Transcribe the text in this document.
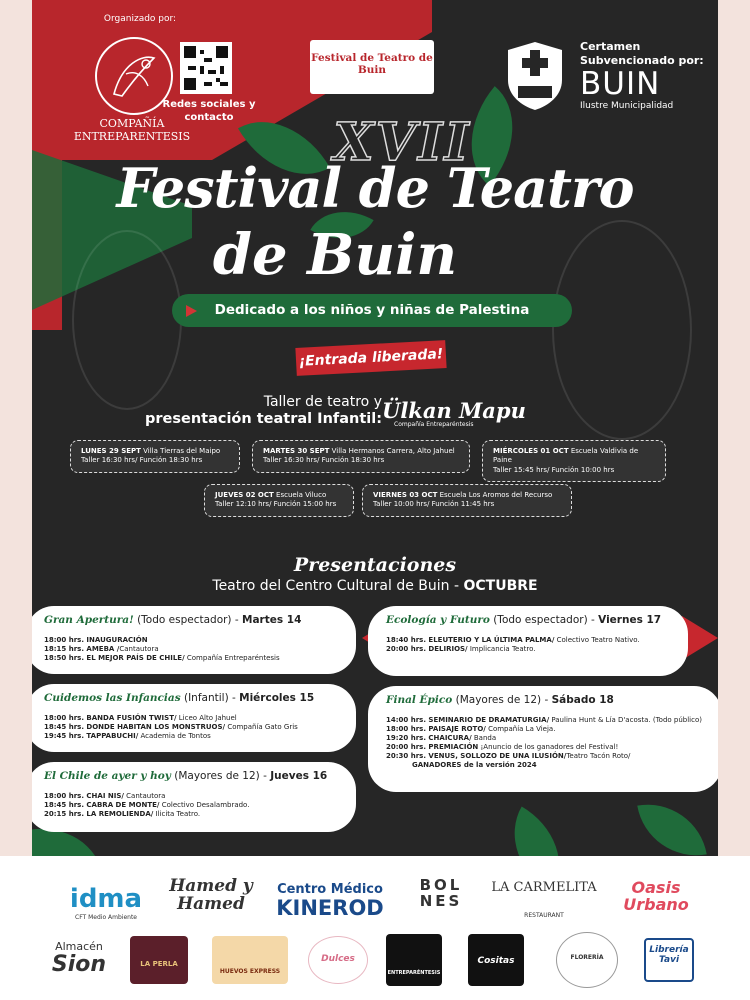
Organizado por:
COMPAÑÍA ENTREPARENTESIS
Redes sociales y contacto
Festival de Teatro de Buin
Certamen Subvencionado por:
BUIN
Ilustre Municipalidad
XVII
Festival de Teatro
de Buin
Dedicado a los niños y niñas de Palestina
¡Entrada liberada!
Taller de teatro y
presentación teatral Infantil: Ülkan Mapu
Compañía Entreparéntesis
LUNES 29 SEPT Villa Tierras del Maipo
Taller 16:30 hrs/ Función 18:30 hrs
MARTES 30 SEPT Villa Hermanos Carrera, Alto Jahuel
Taller 16:30 hrs/ Función 18:30 hrs
MIÉRCOLES 01 OCT Escuela Valdivia de Paine
Taller 15:45 hrs/ Función 10:00 hrs
JUEVES 02 OCT Escuela Viluco
Taller 12:10 hrs/ Función 15:00 hrs
VIERNES 03 OCT Escuela Los Aromos del Recurso
Taller 10:00 hrs/ Función 11:45 hrs
Presentaciones
Teatro del Centro Cultural de Buin - OCTUBRE
Gran Apertura! (Todo espectador) - Martes 14
18:00 hrs. INAUGURACIÓN
18:15 hrs. AMEBA /Cantautora
18:50 hrs. EL MEJOR PAÍS DE CHILE/ Compañía Entreparéntesis
Cuidemos las Infancias (Infantil) - Miércoles 15
18:00 hrs. BANDA FUSIÓN TWIST/ Liceo Alto Jahuel
18:45 hrs. DONDE HABITAN LOS MONSTRUOS/ Compañía Gato Gris
19:45 hrs. TAPPABUCHI/ Academia de Tontos
El Chile de ayer y hoy (Mayores de 12) - Jueves 16
18:00 hrs. CHAI NIS/ Cantautora
18:45 hrs. CABRA DE MONTE/ Colectivo Desalambrado.
20:15 hrs. LA REMOLIENDA/ Ilicita Teatro.
Ecología y Futuro (Todo espectador) - Viernes 17
18:40 hrs. ELEUTERIO Y LA ÚLTIMA PALMA/ Colectivo Teatro Nativo.
20:00 hrs. DELIRIOS/ Implicancia Teatro.
Final Épico (Mayores de 12) - Sábado 18
14:00 hrs. SEMINARIO DE DRAMATURGIA/ Paulina Hunt & Lía D'acosta. (Todo público)
18:00 hrs. PAISAJE ROTO/ Compañía La Vieja.
19:20 hrs. CHAICURA/ Banda
20:00 hrs. PREMIACIÓN ¡Anuncio de los ganadores del Festival!
20:30 hrs. VENUS, SOLLOZO DE UNA ILUSIÓN/Teatro Tacón Roto/
GANADORES de la versión 2024
idma
CFT Medio Ambiente
Hamed y Hamed
Centro Médico
KINEROD
BOLNES
LA CARMELITA
RESTAURANT
Oasis Urbano
Almacén
Sion	LA PERLA
HUEVOS EXPRESS
Dulces
ENTREPARÉNTESIS
Cositas	FLORERÍA
Librería Tavi
